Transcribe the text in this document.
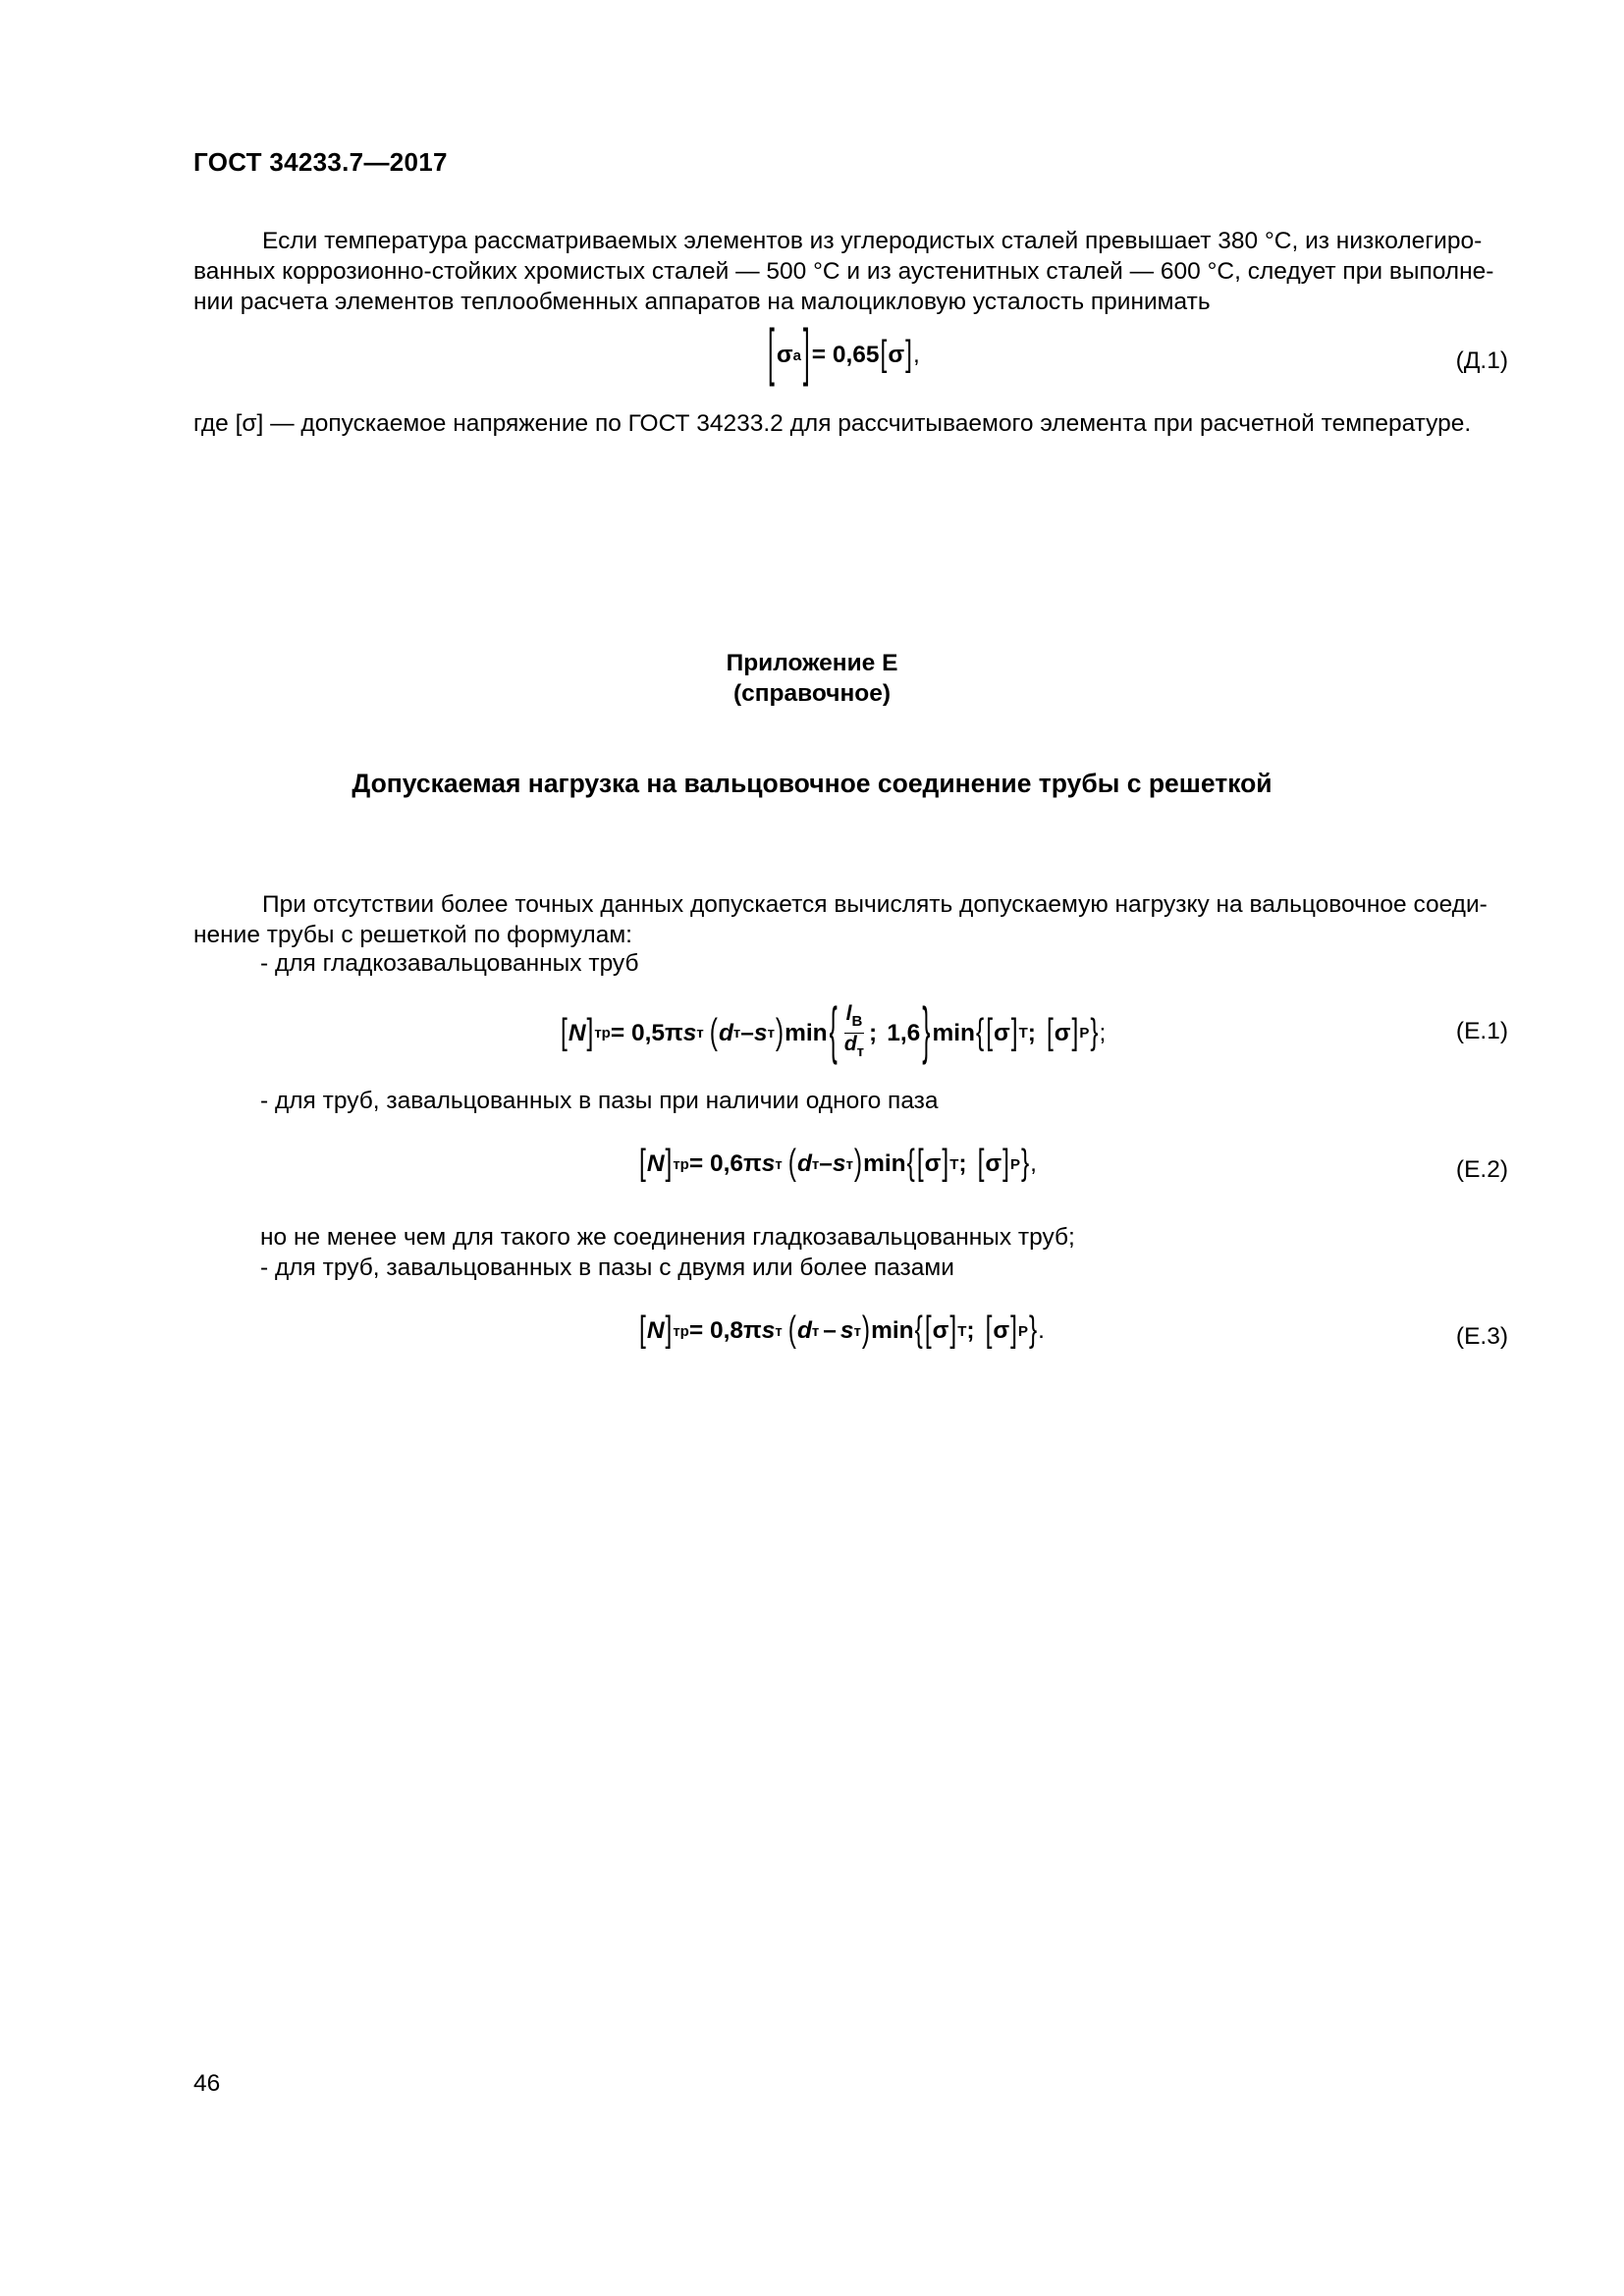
ГОСТ 34233.7—2017
Если температура рассматриваемых элементов из углеродистых сталей превышает 380 °С, из низколегиро-
ванных коррозионно-стойких хромистых сталей — 500 °С и из аустенитных сталей — 600 °С, следует при выполне-
нии расчета элементов теплообменных аппаратов на малоцикловую усталость принимать
[ σ a ] = 0,65 [ σ ] ,	(Д.1)
где [σ] — допускаемое напряжение по ГОСТ 34233.2 для рассчитываемого элемента при расчетной температуре.
Приложение Е
(справочное)
Допускаемая нагрузка на вальцовочное соединение трубы с решеткой
При отсутствии более точных данных допускается вычислять допускаемую нагрузку на вальцовочное соеди-
нение трубы с решеткой по формулам:
- для гладкозавальцованных труб
[ N ] тр = 0,5π s т ( d т – s т ) min { $\frac{l_В}{d_т}$ ; 1,6 } min { [ σ ] T ; [ σ ] P } ;	(Е.1)
- для труб, завальцованных в пазы при наличии одного паза
[ N ] тр = 0,6π s т ( d т – s т ) min { [ σ ] T ; [ σ ] P } ,	(Е.2)
но не менее чем для такого же соединения гладкозавальцованных труб;
- для труб, завальцованных в пазы с двумя или более пазами
[ N ] тр = 0,8π s т ( d т – s т ) min { [ σ ] T ; [ σ ] P } .	(Е.3)
46
